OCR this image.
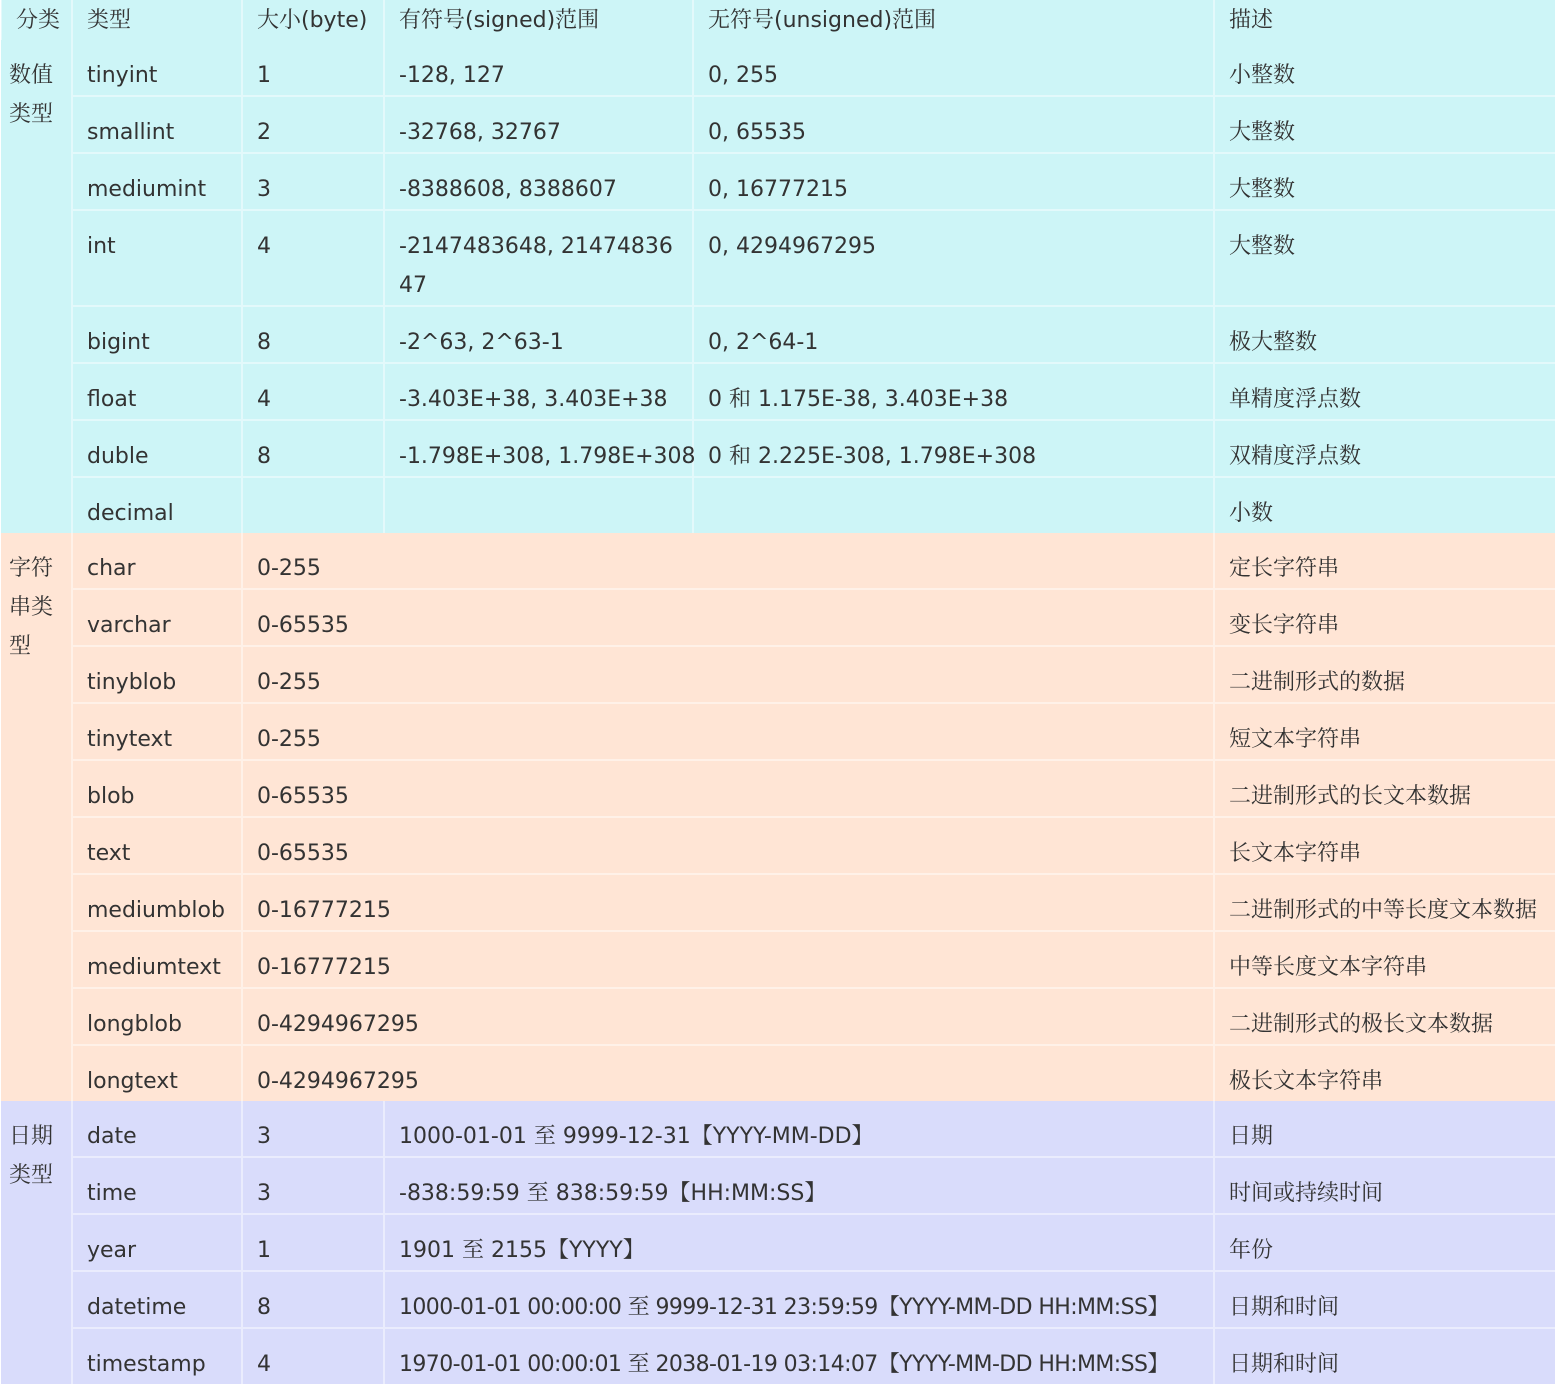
分类	类型	大小(byte)	有符号(signed)范围	无符号(unsigned)范围	描述
数值类型	tinyint	1	-128, 127	0, 255	小整数
	smallint	2	-32768, 32767	0, 65535	大整数
	mediumint	3	-8388608, 8388607	0, 16777215	大整数
	int	4	-2147483648, 2147483647	0, 4294967295	大整数
	bigint	8	-2^63, 2^63-1	0, 2^64-1	极大整数
	float	4	-3.403E+38, 3.403E+38	0 和 1.175E-38, 3.403E+38	单精度浮点数
	duble	8	-1.798E+308, 1.798E+308	0 和 2.225E-308, 1.798E+308	双精度浮点数
	decimal				小数
字符串类型	char	0-255			定长字符串
	varchar	0-65535			变长字符串
	tinyblob	0-255			二进制形式的数据
	tinytext	0-255			短文本字符串
	blob	0-65535			二进制形式的长文本数据
	text	0-65535			长文本字符串
	mediumblob	0-16777215			二进制形式的中等长度文本数据
	mediumtext	0-16777215			中等长度文本字符串
	longblob	0-4294967295			二进制形式的极长文本数据
	longtext	0-4294967295			极长文本字符串
日期类型	date	3	1000-01-01 至 9999-12-31【YYYY-MM-DD】		日期
	time	3	-838:59:59 至 838:59:59【HH:MM:SS】		时间或持续时间
	year	1	1901 至 2155【YYYY】		年份
	datetime	8	1000-01-01 00:00:00 至 9999-12-31 23:59:59【YYYY-MM-DD HH:MM:SS】		日期和时间
	timestamp	4	1970-01-01 00:00:01 至 2038-01-19 03:14:07【YYYY-MM-DD HH:MM:SS】		日期和时间
